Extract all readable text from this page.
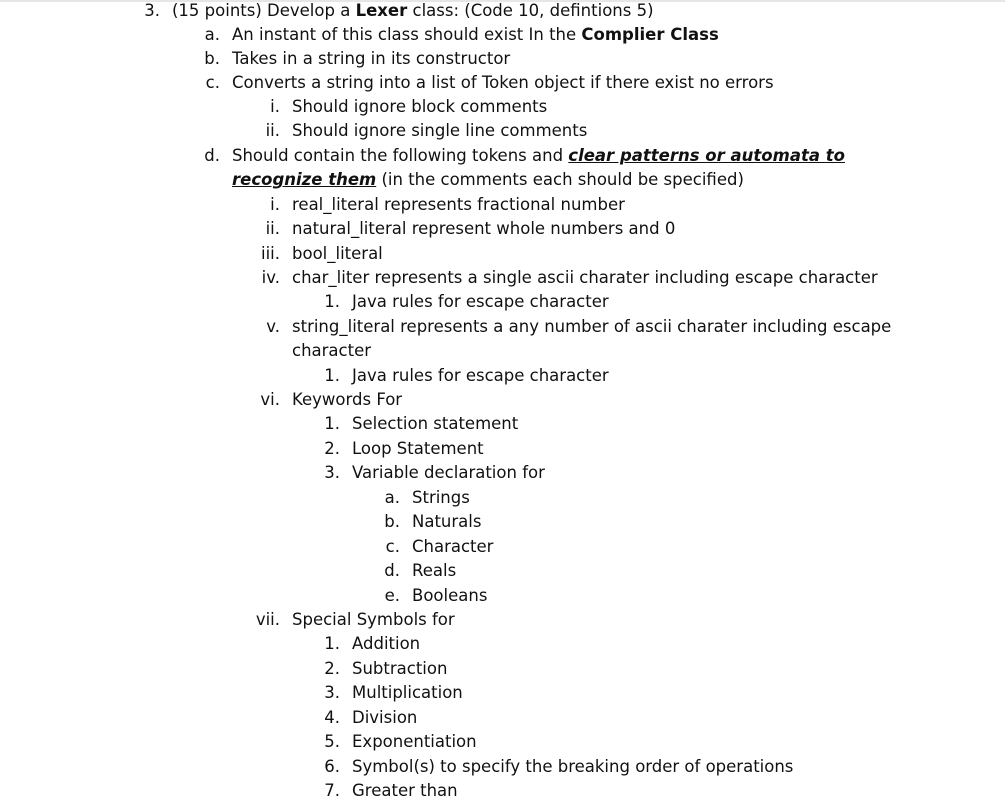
3. (15 points) Develop a Lexer class: (Code 10, defintions 5)
a. An instant of this class should exist In the Complier Class
b. Takes in a string in its constructor
c. Converts a string into a list of Token object if there exist no errors
i. Should ignore block comments
ii. Should ignore single line comments
d. Should contain the following tokens and clear patterns or automata to
recognize them (in the comments each should be specified)
i. real_literal represents fractional number
ii. natural_literal represent whole numbers and 0
iii. bool_literal
iv. char_liter represents a single ascii charater including escape character
1. Java rules for escape character
v. string_literal represents a any number of ascii charater including escape
character
1. Java rules for escape character
vi. Keywords For
1. Selection statement
2. Loop Statement
3. Variable declaration for
a. Strings
b. Naturals
c. Character
d. Reals
e. Booleans
vii. Special Symbols for
1. Addition
2. Subtraction
3. Multiplication
4. Division
5. Exponentiation
6. Symbol(s) to specify the breaking order of operations
7. Greater than
